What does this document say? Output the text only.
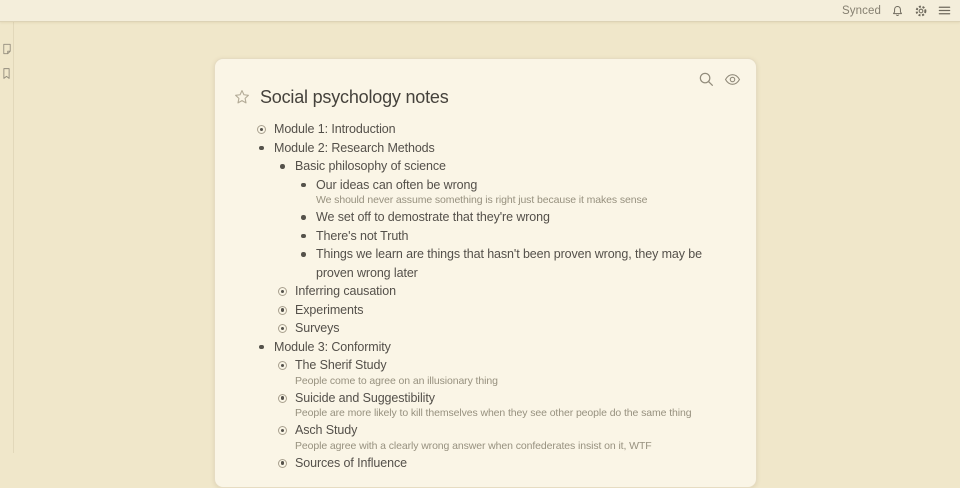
Synced
Social psychology notes
Module 1: Introduction
Module 2: Research Methods
Basic philosophy of science
Our ideas can often be wrong
We should never assume something is right just because it makes sense
We set off to demostrate that they're wrong
There's not Truth
Things we learn are things that hasn't been proven wrong, they may be proven wrong later
Inferring causation
Experiments
Surveys
Module 3: Conformity
The Sherif Study
People come to agree on an illusionary thing
Suicide and Suggestibility
People are more likely to kill themselves when they see other people do the same thing
Asch Study
People agree with a clearly wrong answer when confederates insist on it, WTF
Sources of Influence
